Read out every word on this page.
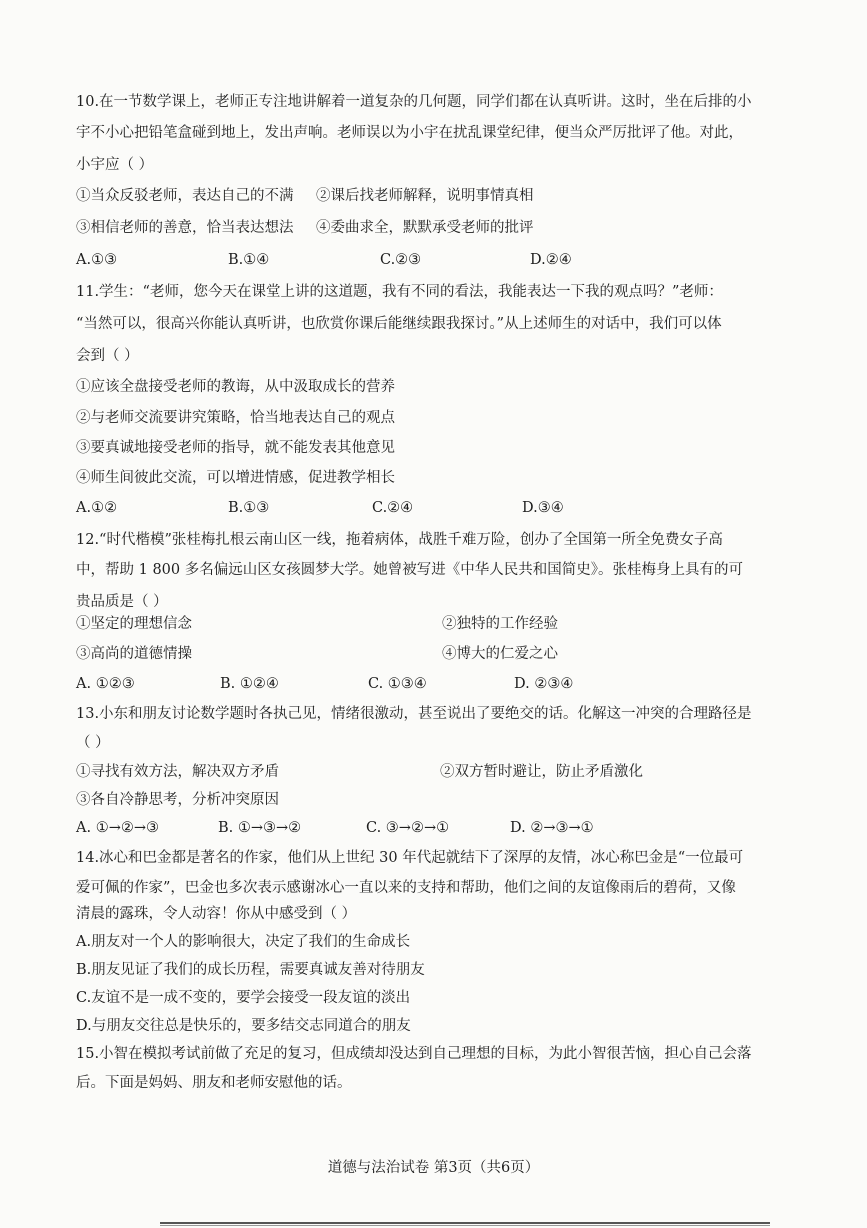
10.在一节数学课上，老师正专注地讲解着一道复杂的几何题，同学们都在认真听讲。这时，坐在后排的小
宇不小心把铅笔盒碰到地上，发出声响。老师误以为小宇在扰乱课堂纪律，便当众严厉批评了他。对此，
小宇应（ ）
①当众反驳老师，表达自己的不满 ②课后找老师解释，说明事情真相
③相信老师的善意，恰当表达想法 ④委曲求全，默默承受老师的批评
A.①③	B.①④	C.②③	D.②④
11.学生：“老师，您今天在课堂上讲的这道题，我有不同的看法，我能表达一下我的观点吗？”老师：
“当然可以，很高兴你能认真听讲，也欣赏你课后能继续跟我探讨。”从上述师生的对话中，我们可以体
会到（ ）
①应该全盘接受老师的教诲，从中汲取成长的营养
②与老师交流要讲究策略，恰当地表达自己的观点
③要真诚地接受老师的指导，就不能发表其他意见
④师生间彼此交流，可以增进情感，促进教学相长
A.①②	B.①③	C.②④	D.③④
12.“时代楷模”张桂梅扎根云南山区一线，拖着病体，战胜千难万险，创办了全国第一所全免费女子高
中，帮助 1 800 多名偏远山区女孩圆梦大学。她曾被写进《中华人民共和国简史》。张桂梅身上具有的可
贵品质是（ ）
①坚定的理想信念	②独特的工作经验
③高尚的道德情操	④博大的仁爱之心
A. ①②③	B. ①②④	C. ①③④	D. ②③④
13.小东和朋友讨论数学题时各执己见，情绪很激动，甚至说出了要绝交的话。化解这一冲突的合理路径是
（ ）
①寻找有效方法，解决双方矛盾	②双方暂时避让，防止矛盾激化
③各自冷静思考，分析冲突原因
A. ①→②→③	B. ①→③→②	C. ③→②→①	D. ②→③→①
14.冰心和巴金都是著名的作家，他们从上世纪 30 年代起就结下了深厚的友情，冰心称巴金是“一位最可
爱可佩的作家”，巴金也多次表示感谢冰心一直以来的支持和帮助，他们之间的友谊像雨后的碧荷，又像
清晨的露珠，令人动容！你从中感受到（ ）
A.朋友对一个人的影响很大，决定了我们的生命成长
B.朋友见证了我们的成长历程，需要真诚友善对待朋友
C.友谊不是一成不变的，要学会接受一段友谊的淡出
D.与朋友交往总是快乐的，要多结交志同道合的朋友
15.小智在模拟考试前做了充足的复习，但成绩却没达到自己理想的目标，为此小智很苦恼，担心自己会落
后。下面是妈妈、朋友和老师安慰他的话。
道德与法治试卷 第3页（共6页）
